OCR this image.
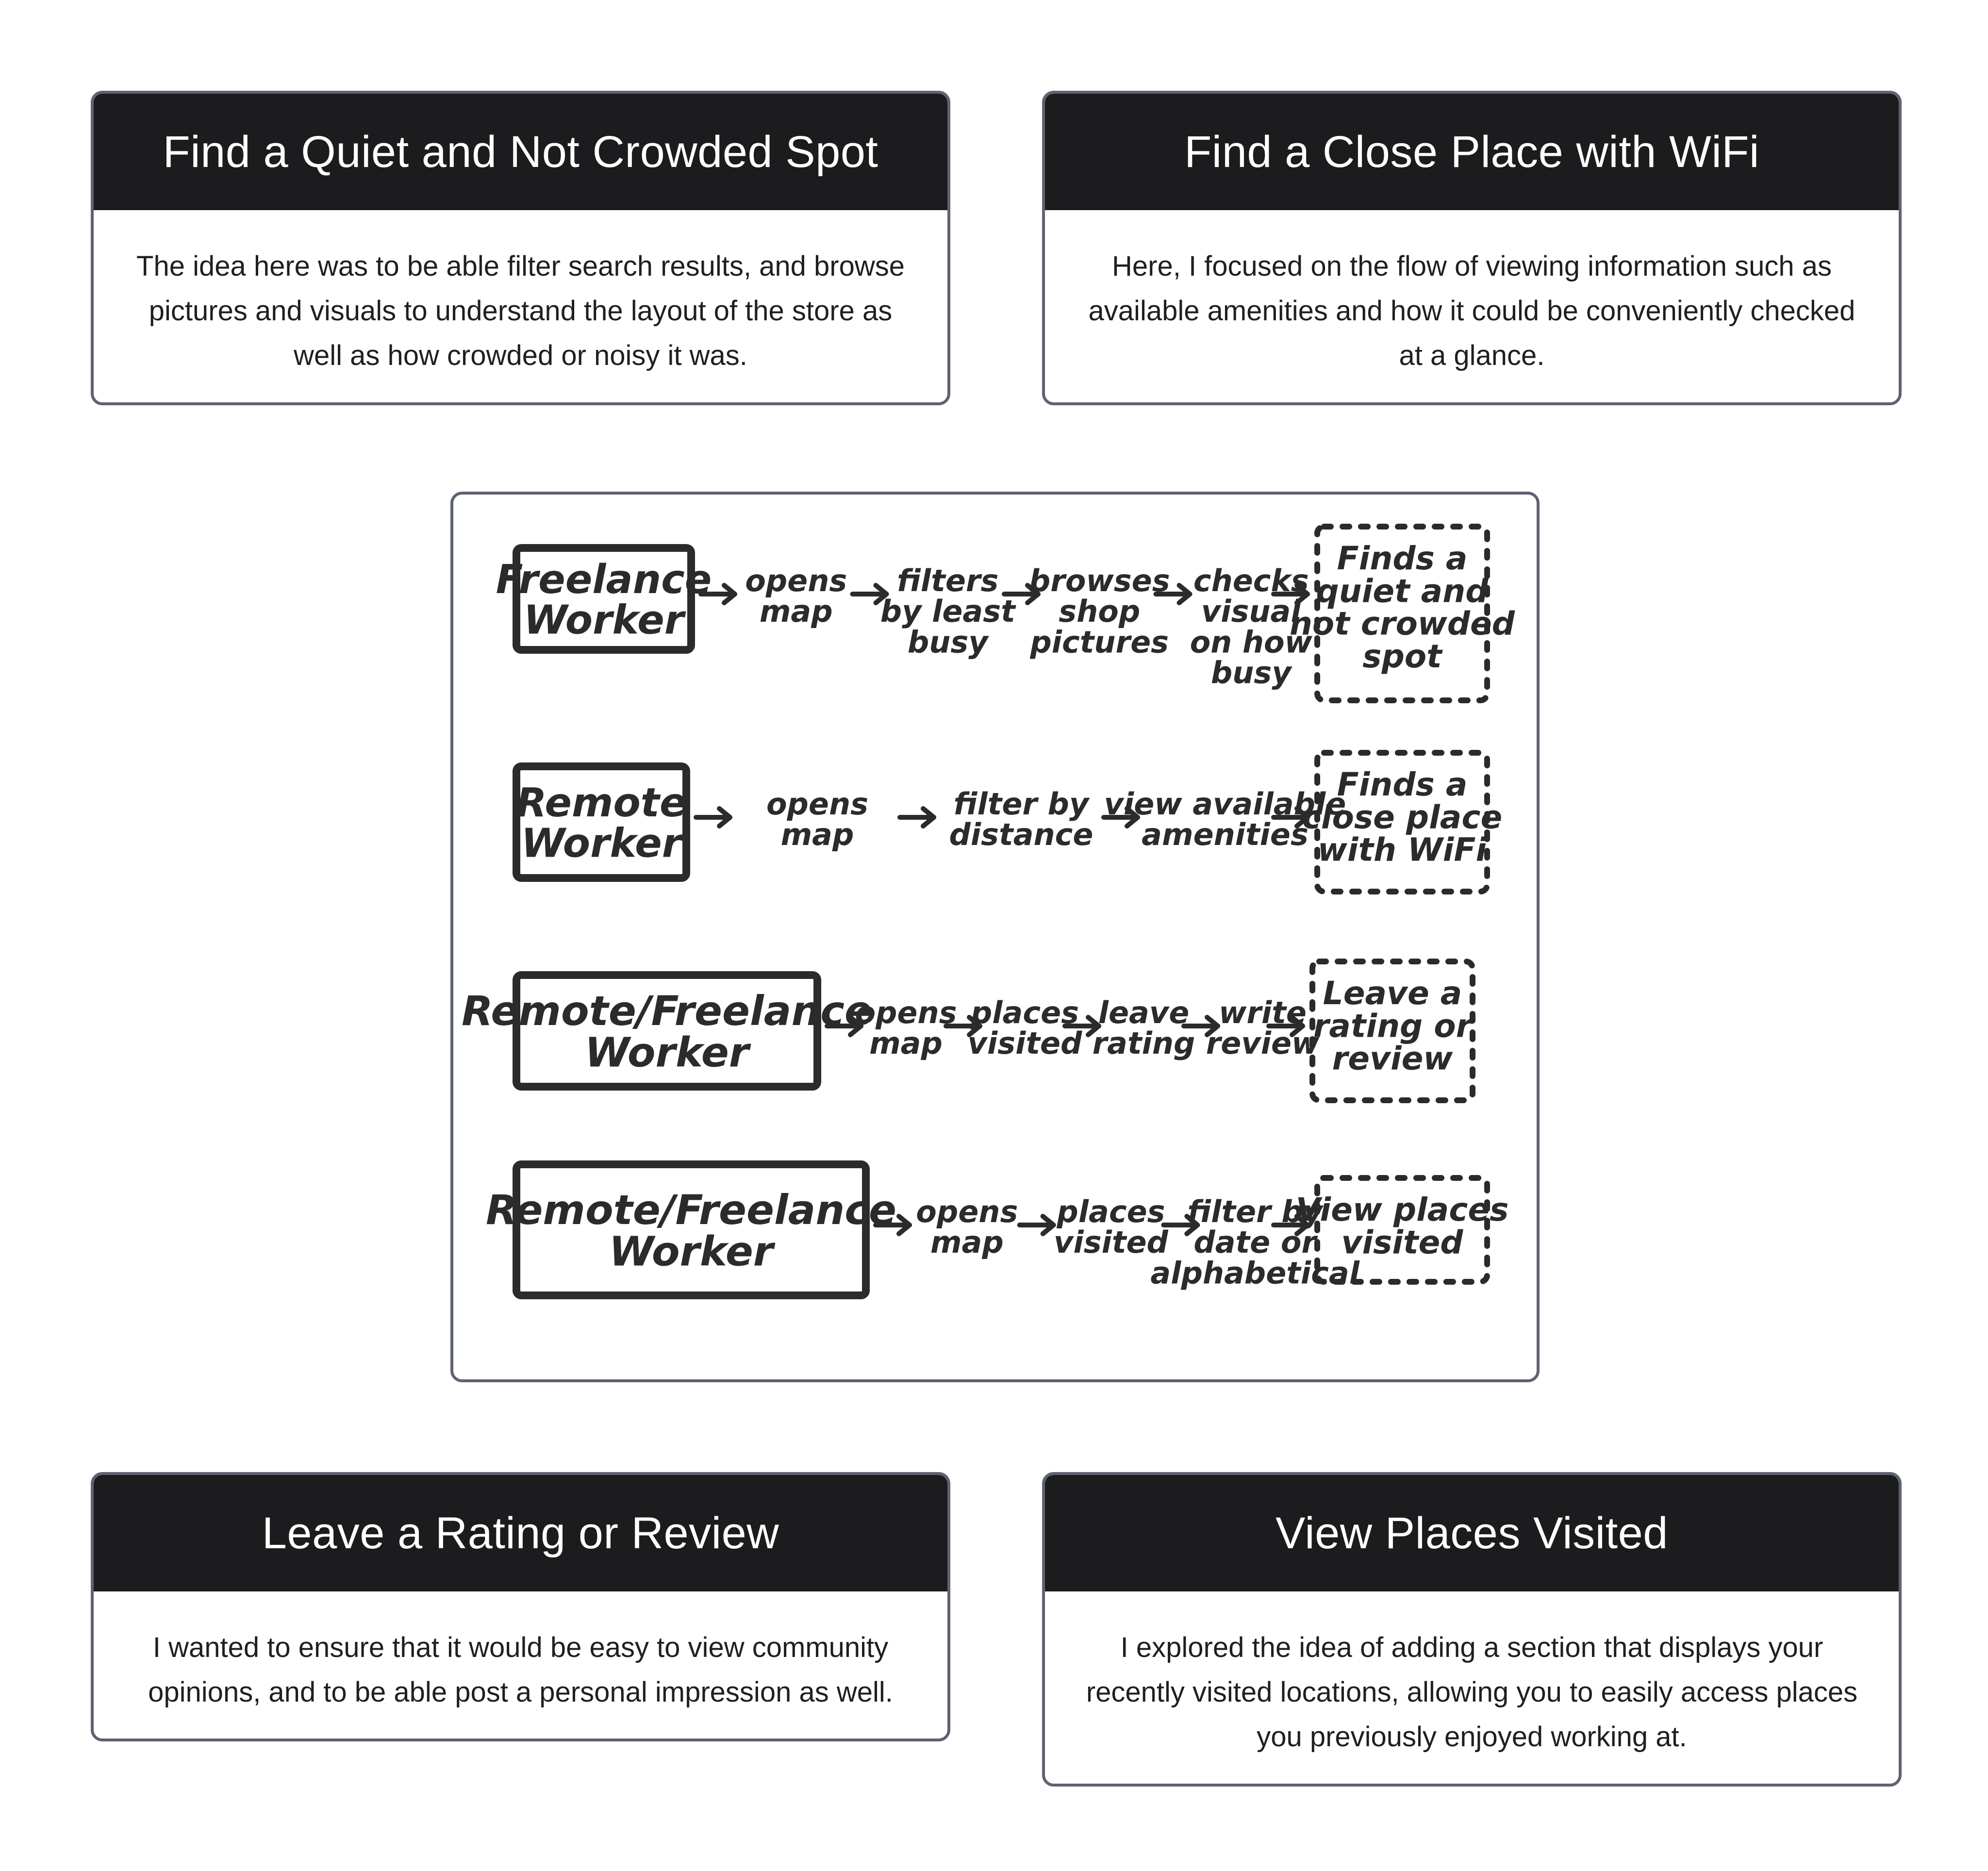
Find a Quiet and Not Crowded Spot
The idea here was to be able filter search results, and browse pictures and visuals to understand the layout of the store as well as how crowded or noisy it was.
Find a Close Place with WiFi
Here, I focused on the flow of viewing information such as available amenities and how it could be conveniently checked at a glance.
Freelance
Worker
Finds a
quiet and
not crowded
spot
opens
map
filters
by least
busy
browses
shop
pictures
checks
visual
on how
busy
Remote
Worker
Finds a
close place
with WiFi
opens
map
filter by
distance
view available
amenities
Remote/Freelance
Worker
Leave a
rating or
review
opens
map
places
visited
leave
rating
write
review
Remote/Freelance
Worker
View places
visited
opens
map
places
visited
filter by
date or
alphabetical
Leave a Rating or Review
I wanted to ensure that it would be easy to view community opinions, and to be able post a personal impression as well.
View Places Visited
I explored the idea of adding a section that displays your recently visited locations, allowing you to easily access places you previously enjoyed working at.
